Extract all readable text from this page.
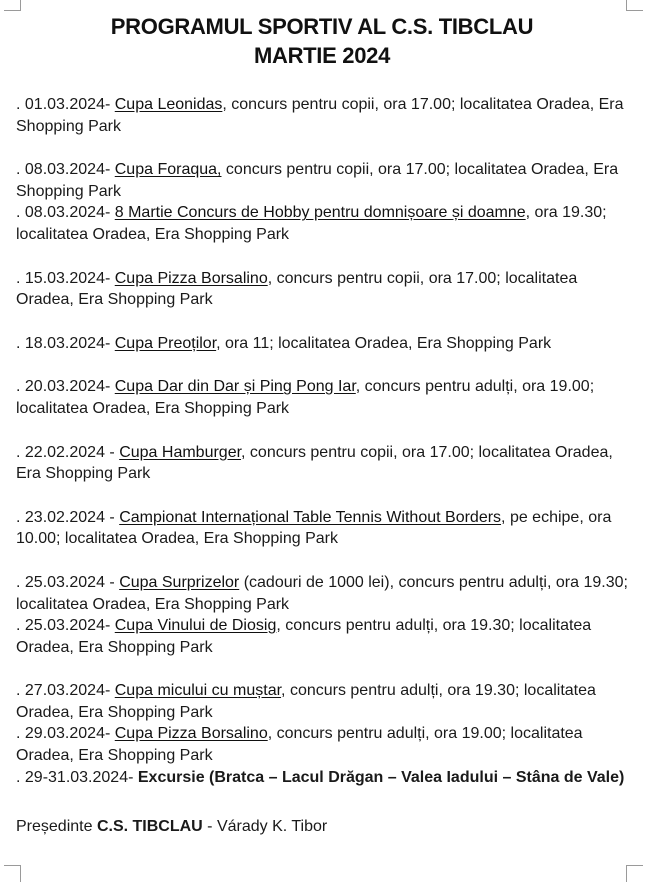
PROGRAMUL SPORTIV AL C.S. TIBCLAU
MARTIE 2024

. 01.03.2024- Cupa Leonidas, concurs pentru copii, ora 17.00; localitatea Oradea, Era Shopping Park

. 08.03.2024- Cupa Foraqua, concurs pentru copii, ora 17.00; localitatea Oradea, Era Shopping Park

. 08.03.2024- 8 Martie Concurs de Hobby pentru domnișoare și doamne, ora 19.30; localitatea Oradea, Era Shopping Park

. 15.03.2024- Cupa Pizza Borsalino, concurs pentru copii, ora 17.00; localitatea Oradea, Era Shopping Park

. 18.03.2024- Cupa Preoților, ora 11; localitatea Oradea, Era Shopping Park

. 20.03.2024- Cupa Dar din Dar și Ping Pong Iar, concurs pentru adulți, ora 19.00; localitatea Oradea, Era Shopping Park

. 22.02.2024 - Cupa Hamburger, concurs pentru copii, ora 17.00; localitatea Oradea, Era Shopping Park

. 23.02.2024 - Campionat Internațional Table Tennis Without Borders, pe echipe, ora 10.00; localitatea Oradea, Era Shopping Park

. 25.03.2024 - Cupa Surprizelor (cadouri de 1000 lei), concurs pentru adulți, ora 19.30; localitatea Oradea, Era Shopping Park

. 25.03.2024- Cupa Vinului de Diosig, concurs pentru adulți, ora 19.30; localitatea Oradea, Era Shopping Park

. 27.03.2024- Cupa micului cu muștar, concurs pentru adulți, ora 19.30; localitatea Oradea, Era Shopping Park

. 29.03.2024- Cupa Pizza Borsalino, concurs pentru adulți, ora 19.00; localitatea Oradea, Era Shopping Park

. 29-31.03.2024- Excursie (Bratca – Lacul Drăgan – Valea Iadului – Stâna de Vale)

Președinte C.S. TIBCLAU - Várady K. Tibor
